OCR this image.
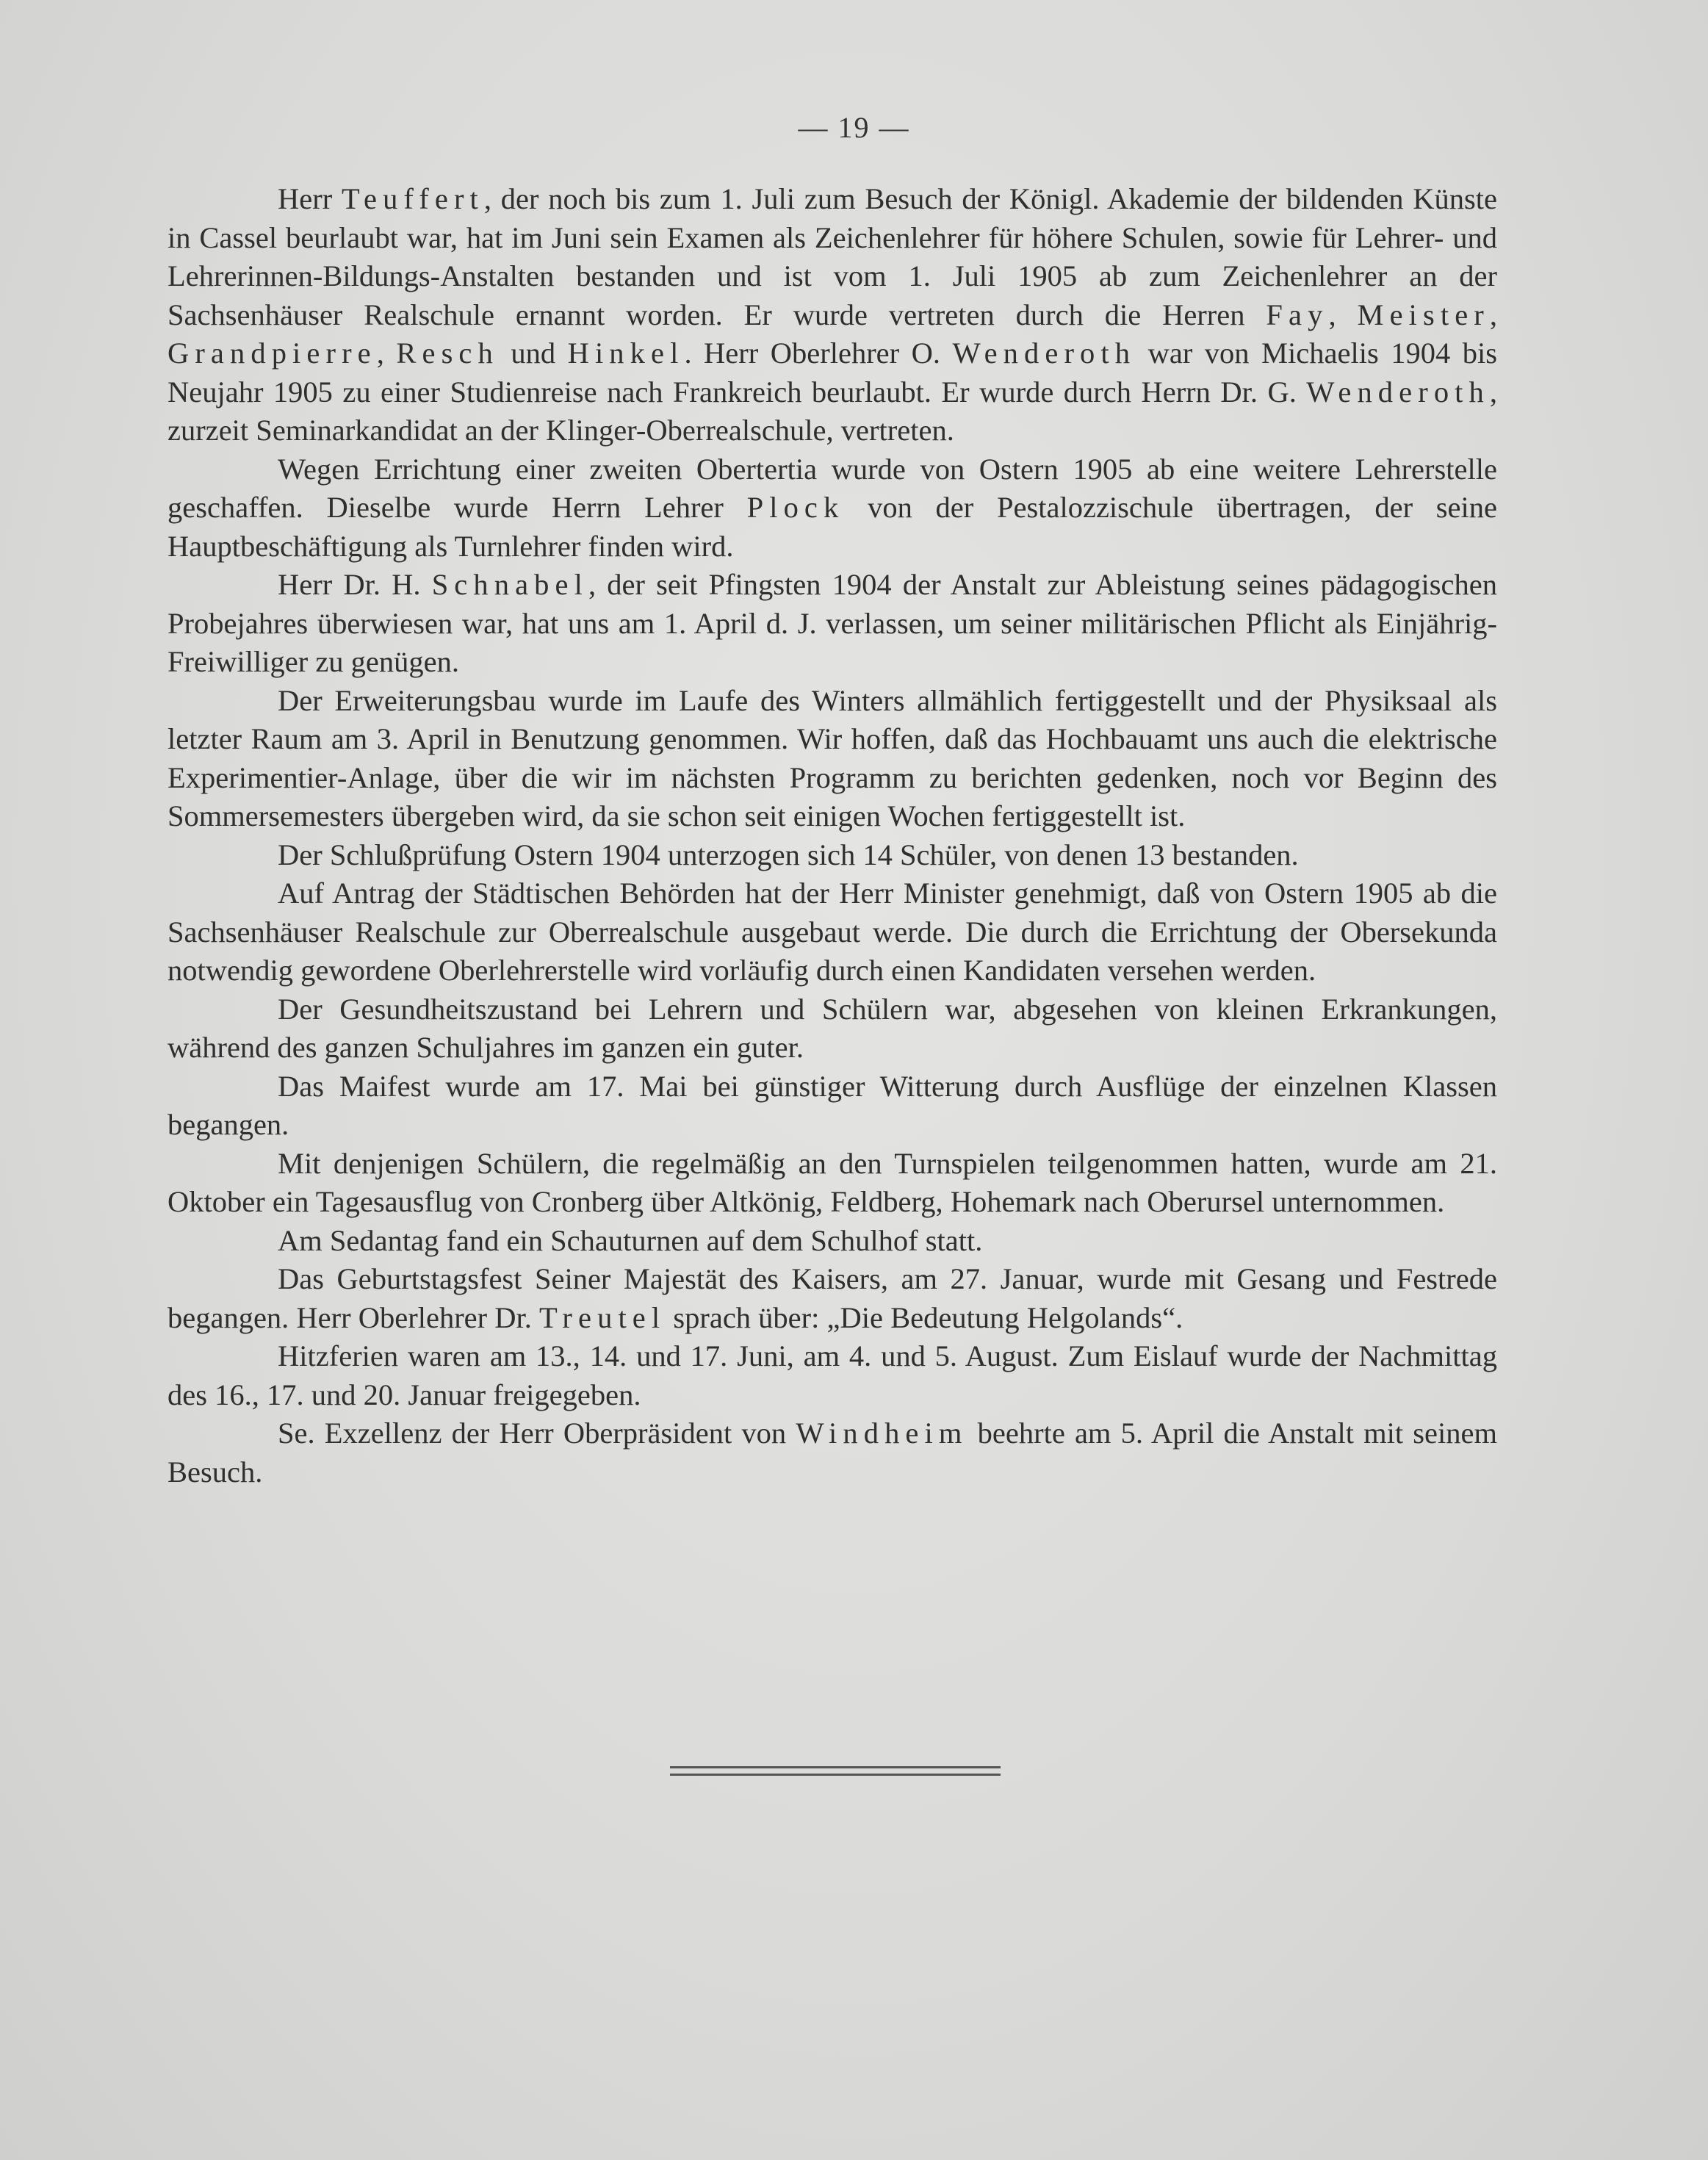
— 19 —

Herr Teuffert, der noch bis zum 1. Juli zum Besuch der Königl. Akademie der bildenden Künste in Cassel beurlaubt war, hat im Juni sein Examen als Zeichenlehrer für höhere Schulen, sowie für Lehrer- und Lehrerinnen-Bildungs-Anstalten bestanden und ist vom 1. Juli 1905 ab zum Zeichenlehrer an der Sachsenhäuser Realschule ernannt worden. Er wurde vertreten durch die Herren Fay, Meister, Grandpierre, Resch und Hinkel. Herr Oberlehrer O. Wenderoth war von Michaelis 1904 bis Neujahr 1905 zu einer Studienreise nach Frankreich beurlaubt. Er wurde durch Herrn Dr. G. Wenderoth, zurzeit Seminarkandidat an der Klinger-Oberrealschule, vertreten.

Wegen Errichtung einer zweiten Obertertia wurde von Ostern 1905 ab eine weitere Lehrerstelle geschaffen. Dieselbe wurde Herrn Lehrer Plock von der Pestalozzischule übertragen, der seine Hauptbeschäftigung als Turnlehrer finden wird.

Herr Dr. H. Schnabel, der seit Pfingsten 1904 der Anstalt zur Ableistung seines pädagogischen Probejahres überwiesen war, hat uns am 1. April d. J. verlassen, um seiner militärischen Pflicht als Einjährig-Freiwilliger zu genügen.

Der Erweiterungsbau wurde im Laufe des Winters allmählich fertiggestellt und der Physiksaal als letzter Raum am 3. April in Benutzung genommen. Wir hoffen, daß das Hochbauamt uns auch die elektrische Experimentier-Anlage, über die wir im nächsten Programm zu berichten gedenken, noch vor Beginn des Sommersemesters übergeben wird, da sie schon seit einigen Wochen fertiggestellt ist.

Der Schlußprüfung Ostern 1904 unterzogen sich 14 Schüler, von denen 13 bestanden.

Auf Antrag der Städtischen Behörden hat der Herr Minister genehmigt, daß von Ostern 1905 ab die Sachsenhäuser Realschule zur Oberrealschule ausgebaut werde. Die durch die Errichtung der Obersekunda notwendig gewordene Oberlehrerstelle wird vorläufig durch einen Kandidaten versehen werden.

Der Gesundheitszustand bei Lehrern und Schülern war, abgesehen von kleinen Erkrankungen, während des ganzen Schuljahres im ganzen ein guter.

Das Maifest wurde am 17. Mai bei günstiger Witterung durch Ausflüge der einzelnen Klassen begangen.

Mit denjenigen Schülern, die regelmäßig an den Turnspielen teilgenommen hatten, wurde am 21. Oktober ein Tagesausflug von Cronberg über Altkönig, Feldberg, Hohemark nach Oberursel unternommen.

Am Sedantag fand ein Schauturnen auf dem Schulhof statt.

Das Geburtstagsfest Seiner Majestät des Kaisers, am 27. Januar, wurde mit Gesang und Festrede begangen. Herr Oberlehrer Dr. Treutel sprach über: „Die Bedeutung Helgolands“.

Hitzferien waren am 13., 14. und 17. Juni, am 4. und 5. August. Zum Eislauf wurde der Nachmittag des 16., 17. und 20. Januar freigegeben.

Se. Exzellenz der Herr Oberpräsident von Windheim beehrte am 5. April die Anstalt mit seinem Besuch.
